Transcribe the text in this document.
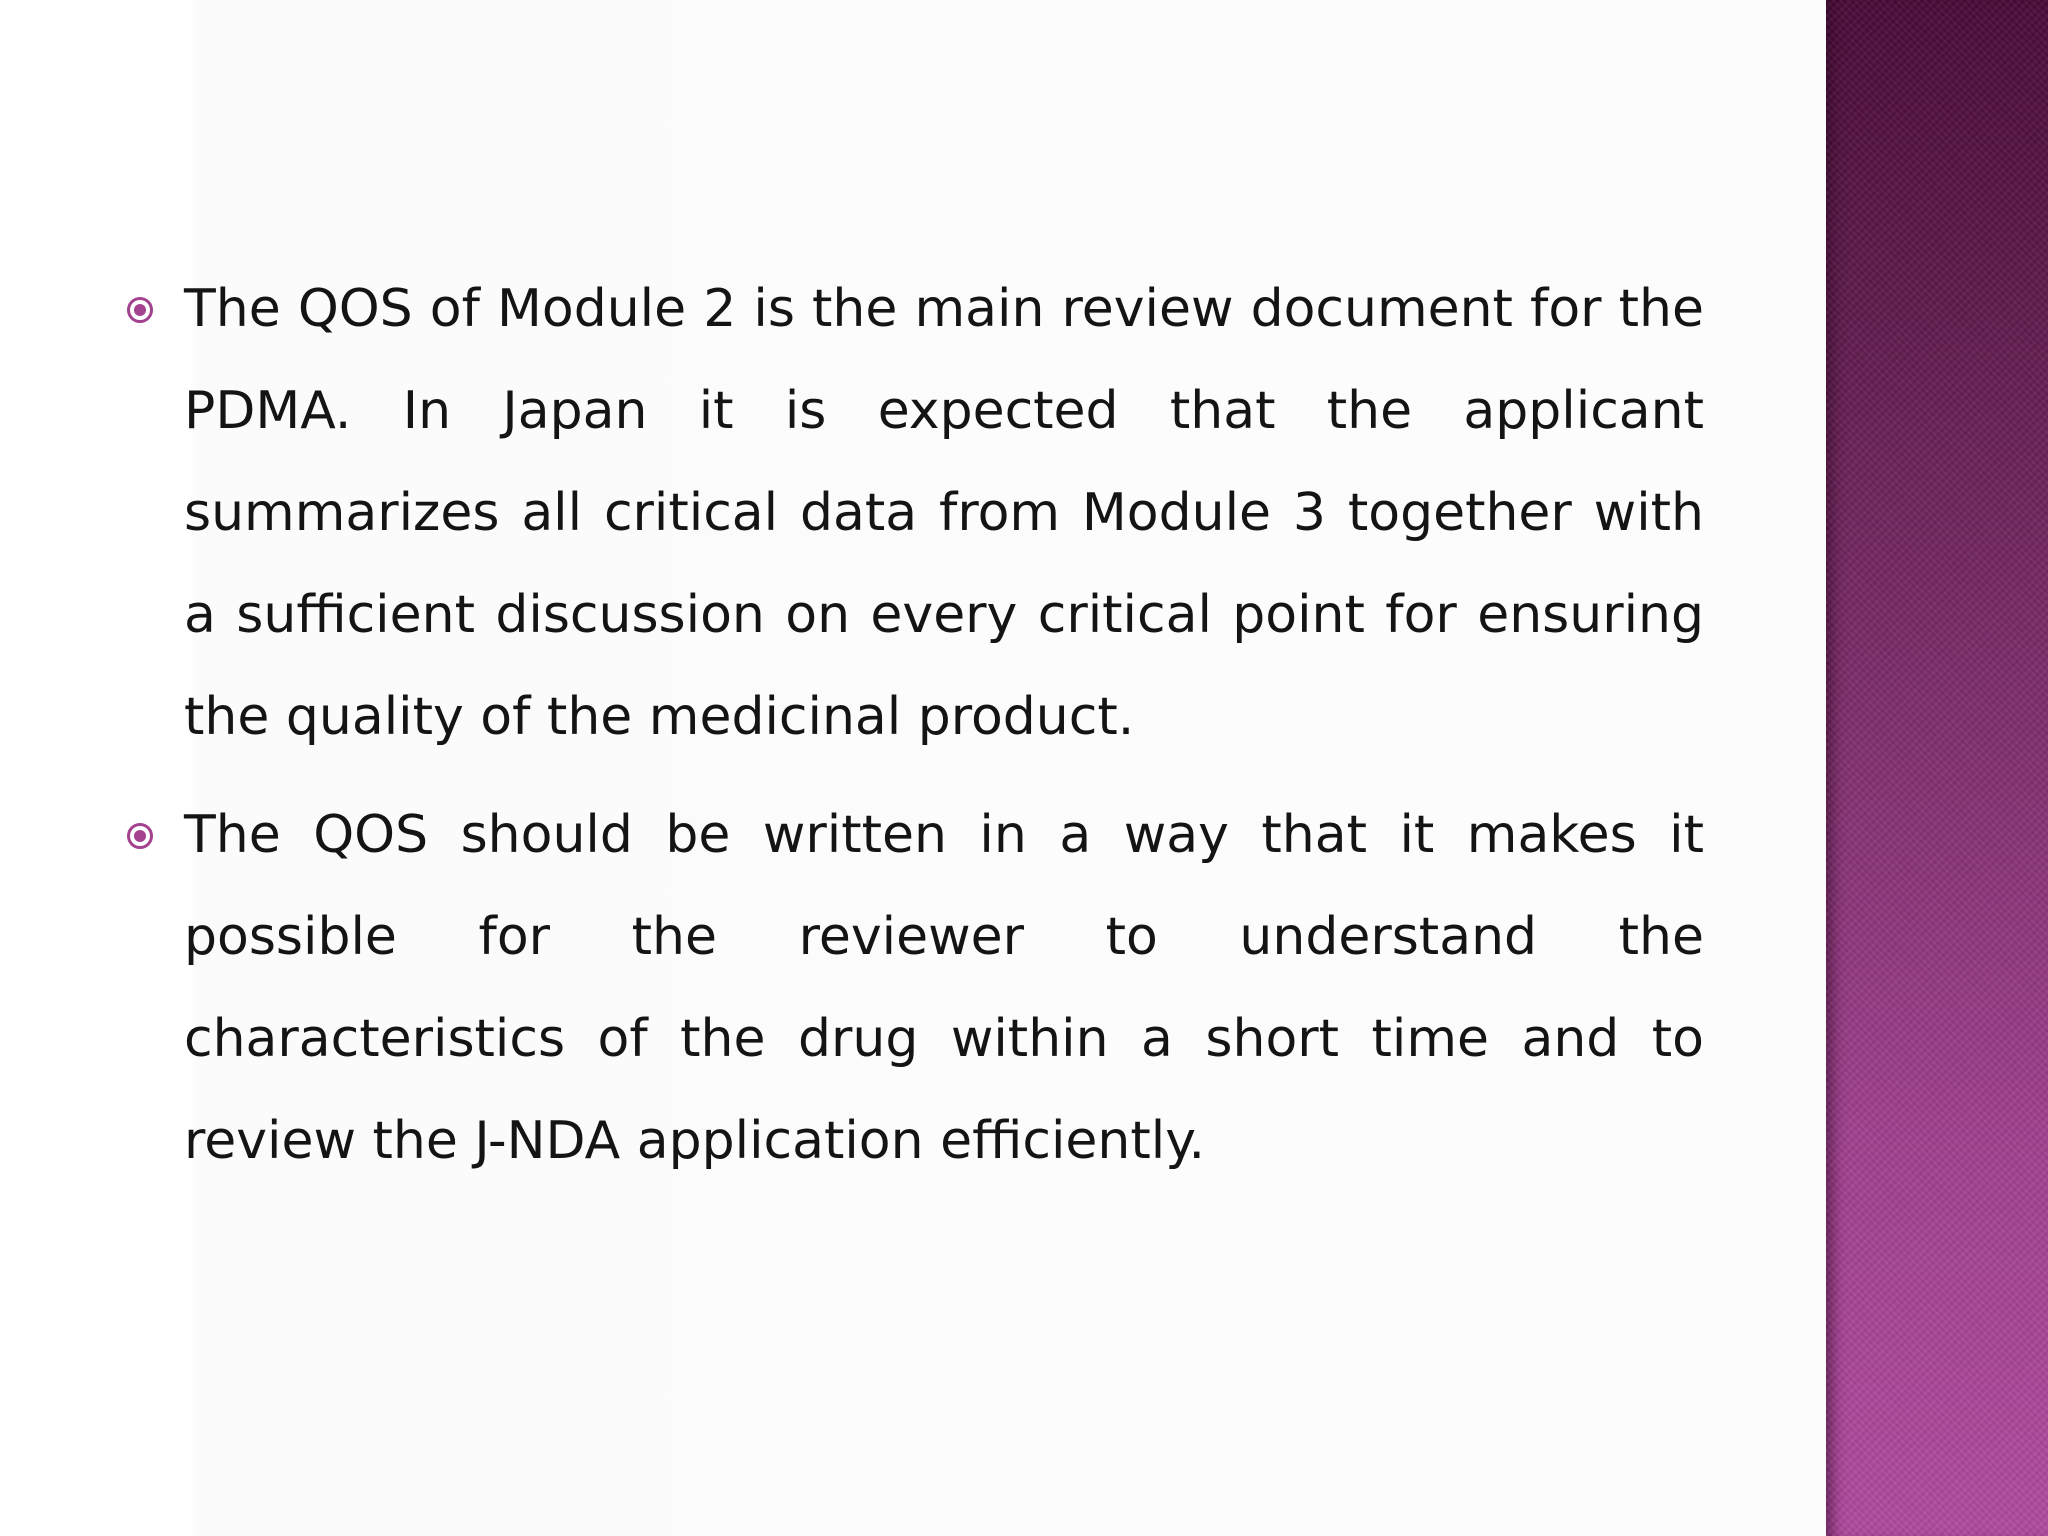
The QOS of Module 2 is the main review document for the PDMA. In Japan it is expected that the applicant summarizes all critical data from Module 3 together with a sufficient discussion on every critical point for ensuring the quality of the medicinal product.

The QOS should be written in a way that it makes it possible for the reviewer to understand the characteristics of the drug within a short time and to review the J-NDA application efficiently.
